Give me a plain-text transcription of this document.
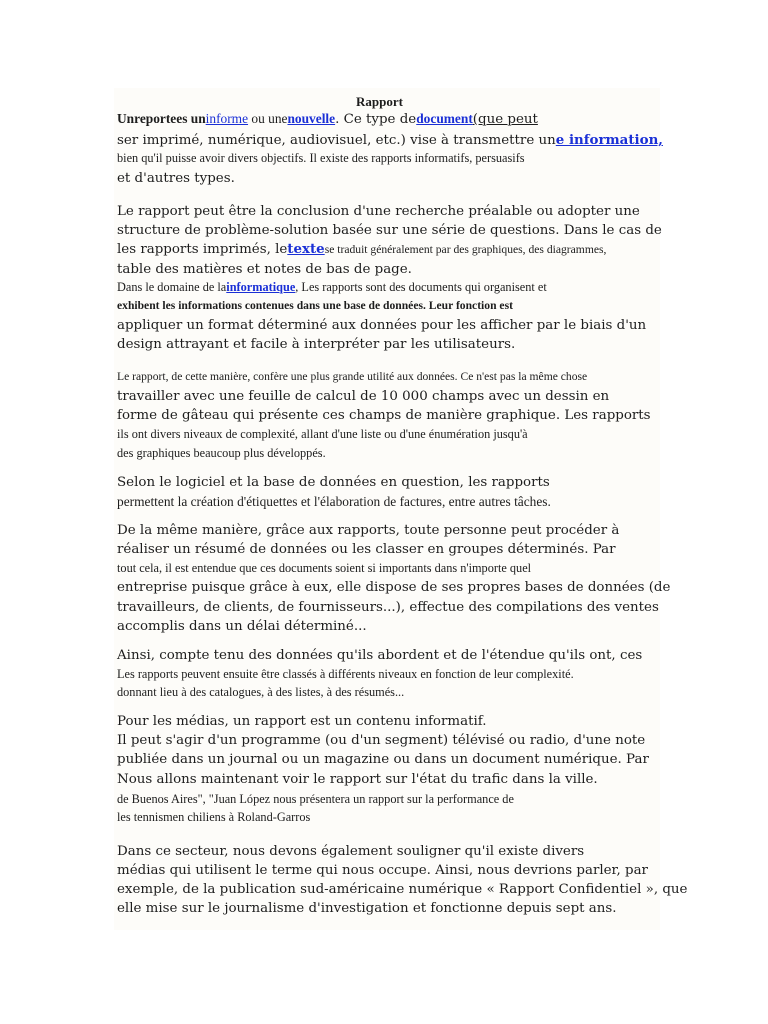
Rapport
Unreportees uninforme ou unenouvelle. Ce type dedocument(que peut
ser imprimé, numérique, audiovisuel, etc.) vise à transmettre une information,
bien qu'il puisse avoir divers objectifs. Il existe des rapports informatifs, persuasifs
et d'autres types.
Le rapport peut être la conclusion d'une recherche préalable ou adopter une
structure de problème-solution basée sur une série de questions. Dans le cas de
les rapports imprimés, letextese traduit généralement par des graphiques, des diagrammes,
table des matières et notes de bas de page.
Dans le domaine de lainformatique, Les rapports sont des documents qui organisent et
exhibent les informations contenues dans une base de données. Leur fonction est
appliquer un format déterminé aux données pour les afficher par le biais d'un
design attrayant et facile à interpréter par les utilisateurs.
Le rapport, de cette manière, confère une plus grande utilité aux données. Ce n'est pas la même chose
travailler avec une feuille de calcul de 10 000 champs avec un dessin en
forme de gâteau qui présente ces champs de manière graphique. Les rapports
ils ont divers niveaux de complexité, allant d'une liste ou d'une énumération jusqu'à
des graphiques beaucoup plus développés.
Selon le logiciel et la base de données en question, les rapports
permettent la création d'étiquettes et l'élaboration de factures, entre autres tâches.
De la même manière, grâce aux rapports, toute personne peut procéder à
réaliser un résumé de données ou les classer en groupes déterminés. Par
tout cela, il est entendue que ces documents soient si importants dans n'importe quel
entreprise puisque grâce à eux, elle dispose de ses propres bases de données (de
travailleurs, de clients, de fournisseurs...), effectue des compilations des ventes
accomplis dans un délai déterminé...
Ainsi, compte tenu des données qu'ils abordent et de l'étendue qu'ils ont, ces
Les rapports peuvent ensuite être classés à différents niveaux en fonction de leur complexité.
donnant lieu à des catalogues, à des listes, à des résumés...
Pour les médias, un rapport est un contenu informatif.
Il peut s'agir d'un programme (ou d'un segment) télévisé ou radio, d'une note
publiée dans un journal ou un magazine ou dans un document numérique. Par
Nous allons maintenant voir le rapport sur l'état du trafic dans la ville.
de Buenos Aires", "Juan López nous présentera un rapport sur la performance de
les tennismen chiliens à Roland-Garros
Dans ce secteur, nous devons également souligner qu'il existe divers
médias qui utilisent le terme qui nous occupe. Ainsi, nous devrions parler, par
exemple, de la publication sud-américaine numérique « Rapport Confidentiel », que
elle mise sur le journalisme d'investigation et fonctionne depuis sept ans.
